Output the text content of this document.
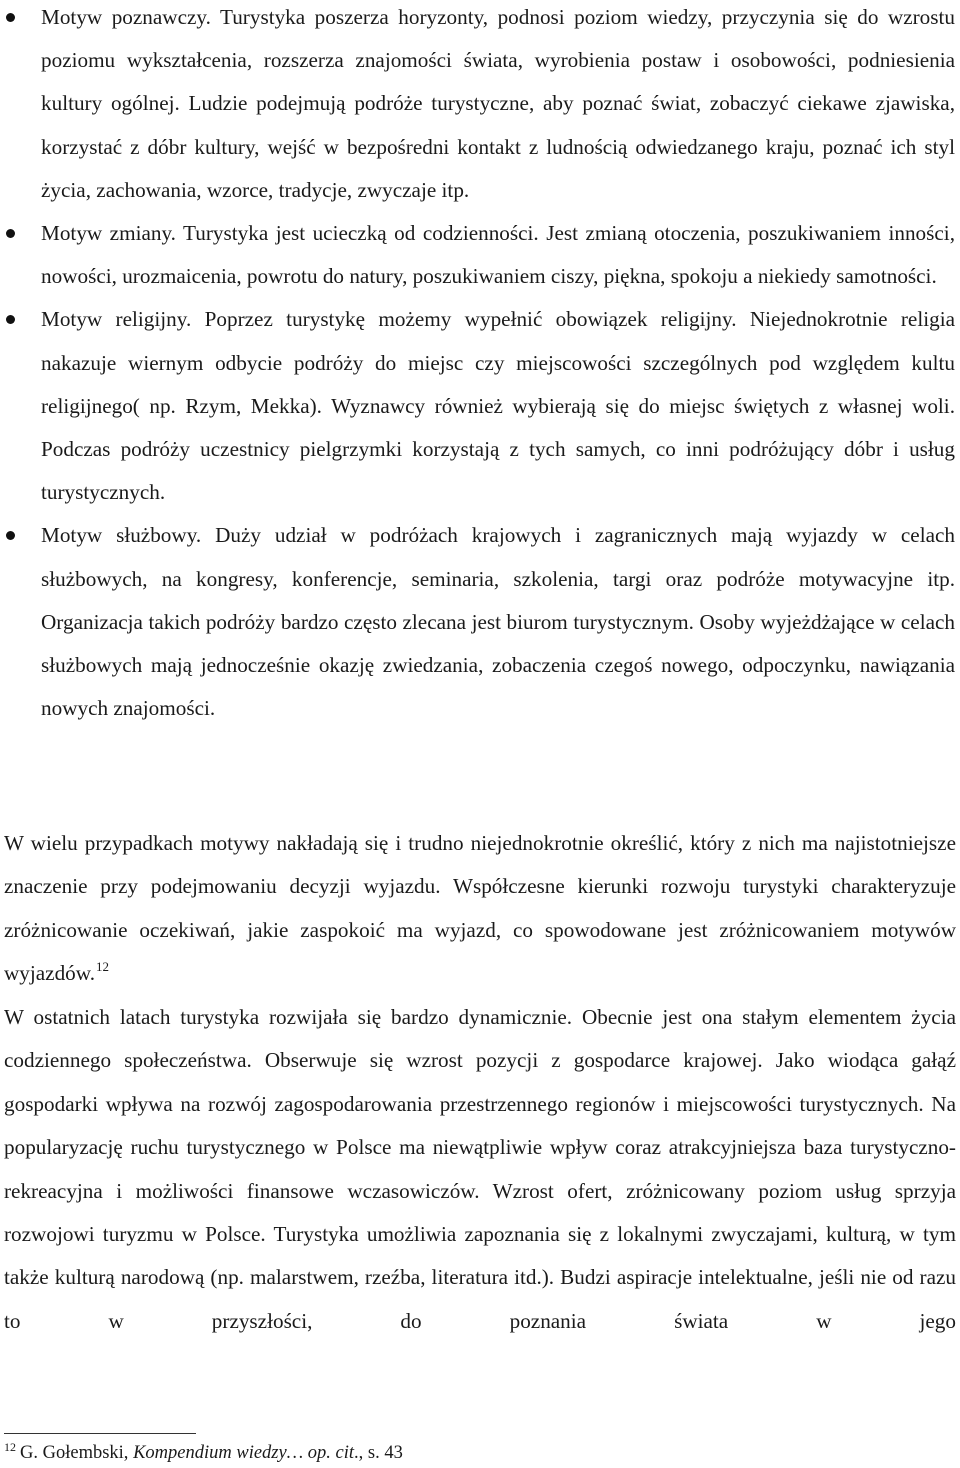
Motyw poznawczy. Turystyka poszerza horyzonty, podnosi poziom wiedzy, przyczynia się do wzrostu poziomu wykształcenia, rozszerza znajomości świata, wyrobienia postaw i osobowości, podniesienia kultury ogólnej. Ludzie podejmują podróże turystyczne, aby poznać świat, zobaczyć ciekawe zjawiska, korzystać z dóbr kultury, wejść w bezpośredni kontakt z ludnością odwiedzanego kraju, poznać ich styl życia, zachowania, wzorce, tradycje, zwyczaje itp.
Motyw zmiany. Turystyka jest ucieczką od codzienności. Jest zmianą otoczenia, poszukiwaniem inności, nowości, urozmaicenia, powrotu do natury, poszukiwaniem ciszy, piękna, spokoju a niekiedy samotności.
Motyw religijny. Poprzez turystykę możemy wypełnić obowiązek religijny. Niejednokrotnie religia nakazuje wiernym odbycie podróży do miejsc czy miejscowości szczególnych pod względem kultu religijnego( np. Rzym, Mekka). Wyznawcy również wybierają się do miejsc świętych z własnej woli. Podczas podróży uczestnicy pielgrzymki korzystają z tych samych, co inni podróżujący dóbr i usług turystycznych.
Motyw służbowy. Duży udział w podróżach krajowych i zagranicznych mają wyjazdy w celach służbowych, na kongresy, konferencje, seminaria, szkolenia, targi oraz podróże motywacyjne itp. Organizacja takich podróży bardzo często zlecana jest biurom turystycznym. Osoby wyjeżdżające w celach służbowych mają jednocześnie okazję zwiedzania, zobaczenia czegoś nowego, odpoczynku, nawiązania nowych znajomości.
W wielu przypadkach motywy nakładają się i trudno niejednokrotnie określić, który z nich ma najistotniejsze znaczenie przy podejmowaniu decyzji wyjazdu. Współczesne kierunki rozwoju turystyki charakteryzuje zróżnicowanie oczekiwań, jakie zaspokoić ma wyjazd, co spowodowane jest zróżnicowaniem motywów wyjazdów.$^{12}$
W ostatnich latach turystyka rozwijała się bardzo dynamicznie. Obecnie jest ona stałym elementem życia codziennego społeczeństwa. Obserwuje się wzrost pozycji z gospodarce krajowej. Jako wiodąca gałąź gospodarki wpływa na rozwój zagospodarowania przestrzennego regionów i miejscowości turystycznych. Na popularyzację ruchu turystycznego w Polsce ma niewątpliwie wpływ coraz atrakcyjniejsza baza turystyczno-rekreacyjna i możliwości finansowe wczasowiczów. Wzrost ofert, zróżnicowany poziom usług sprzyja rozwojowi turyzmu w Polsce. Turystyka umożliwia zapoznania się z lokalnymi zwyczajami, kulturą, w tym także kulturą narodową (np. malarstwem, rzeźba, literatura itd.). Budzi aspiracje intelektualne, jeśli nie od razu to w przyszłości, do poznania świata w jego
$^{12}$ G. Gołembski, Kompendium wiedzy… op. cit., s. 43
